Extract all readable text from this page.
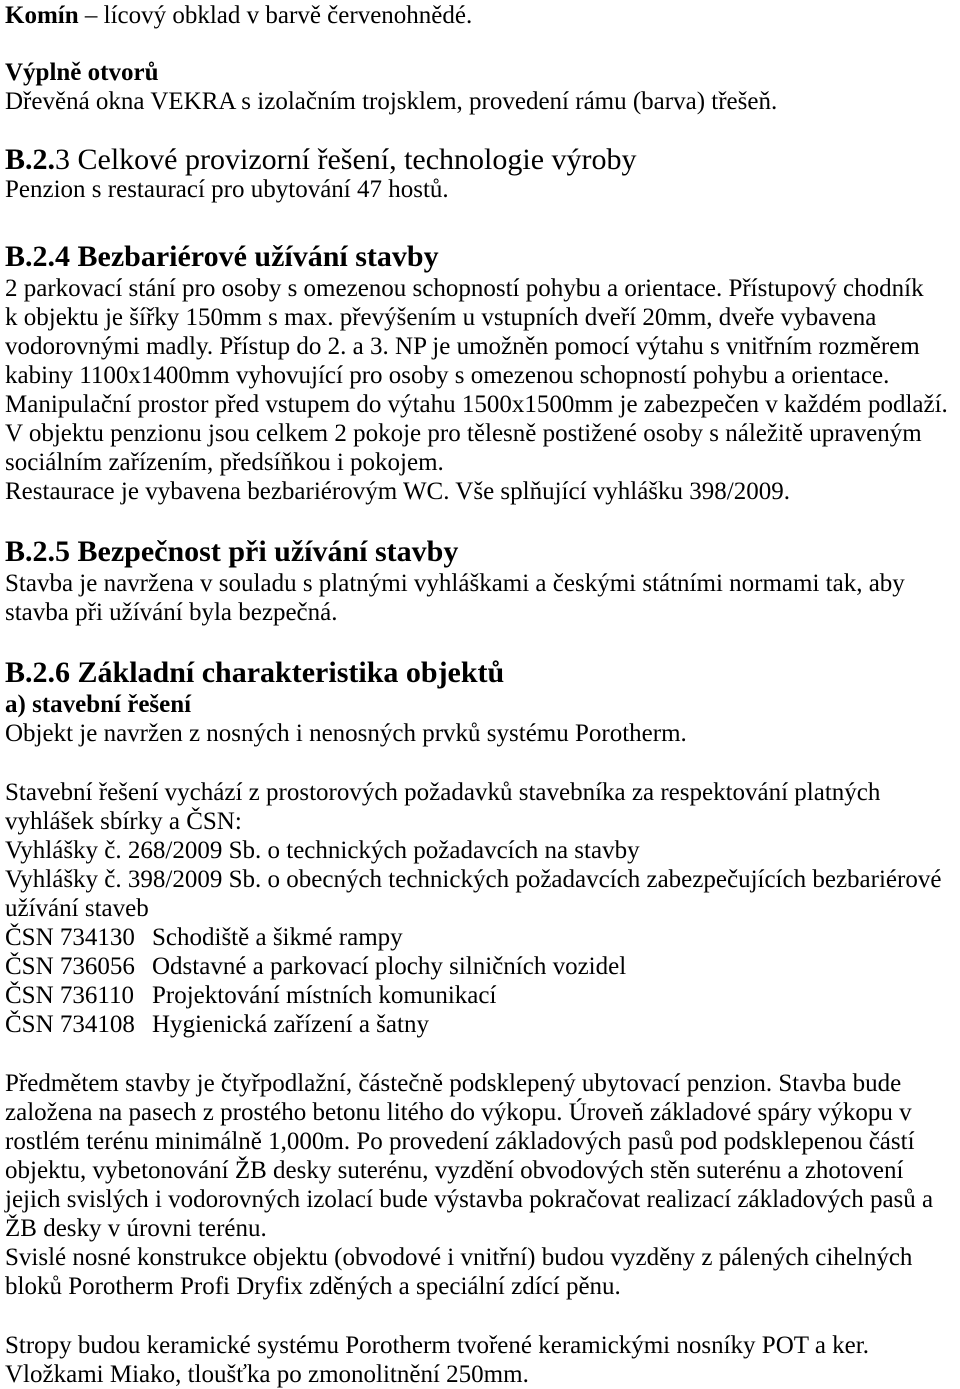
Komín – lícový obklad v barvě červenohnědé.
Výplně otvorů
Dřevěná okna VEKRA s izolačním trojsklem, provedení rámu (barva) třešeň.
B.2.3 Celkové provizorní řešení, technologie výroby
Penzion s restaurací pro ubytování 47 hostů.
B.2.4 Bezbariérové užívání stavby
2 parkovací stání pro osoby s omezenou schopností pohybu a orientace. Přístupový chodník
k objektu je šířky 150mm s max. převýšením u vstupních dveří 20mm, dveře vybavena
vodorovnými madly. Přístup do 2. a 3. NP je umožněn pomocí výtahu s vnitřním rozměrem
kabiny 1100x1400mm vyhovující pro osoby s omezenou schopností pohybu a orientace.
Manipulační prostor před vstupem do výtahu 1500x1500mm je zabezpečen v každém podlaží.
V objektu penzionu jsou celkem 2 pokoje pro tělesně postižené osoby s náležitě upraveným
sociálním zařízením, předsíňkou i pokojem.
Restaurace je vybavena bezbariérovým WC. Vše splňující vyhlášku 398/2009.
B.2.5 Bezpečnost při užívání stavby
Stavba je navržena v souladu s platnými vyhláškami a českými státními normami tak, aby
stavba při užívání byla bezpečná.
B.2.6 Základní charakteristika objektů
a) stavební řešení
Objekt je navržen z nosných i nenosných prvků systému Porotherm.
Stavební řešení vychází z prostorových požadavků stavebníka za respektování platných
vyhlášek sbírky a ČSN:
Vyhlášky č. 268/2009 Sb. o technických požadavcích na stavby
Vyhlášky č. 398/2009 Sb. o obecných technických požadavcích zabezpečujících bezbariérové
užívání staveb
ČSN 734130 Schodiště a šikmé rampy
ČSN 736056 Odstavné a parkovací plochy silničních vozidel
ČSN 736110 Projektování místních komunikací
ČSN 734108 Hygienická zařízení a šatny
Předmětem stavby je čtyřpodlažní, částečně podsklepený ubytovací penzion. Stavba bude
založena na pasech z prostého betonu litého do výkopu. Úroveň základové spáry výkopu v
rostlém terénu minimálně 1,000m. Po provedení základových pasů pod podsklepenou částí
objektu, vybetonování ŽB desky suterénu, vyzdění obvodových stěn suterénu a zhotovení
jejich svislých i vodorovných izolací bude výstavba pokračovat realizací základových pasů a
ŽB desky v úrovni terénu.
Svislé nosné konstrukce objektu (obvodové i vnitřní) budou vyzděny z pálených cihelných
bloků Porotherm Profi Dryfix zděných a speciální zdící pěnu.
Stropy budou keramické systému Porotherm tvořené keramickými nosníky POT a ker.
Vložkami Miako, tloušťka po zmonolitnění 250mm.
